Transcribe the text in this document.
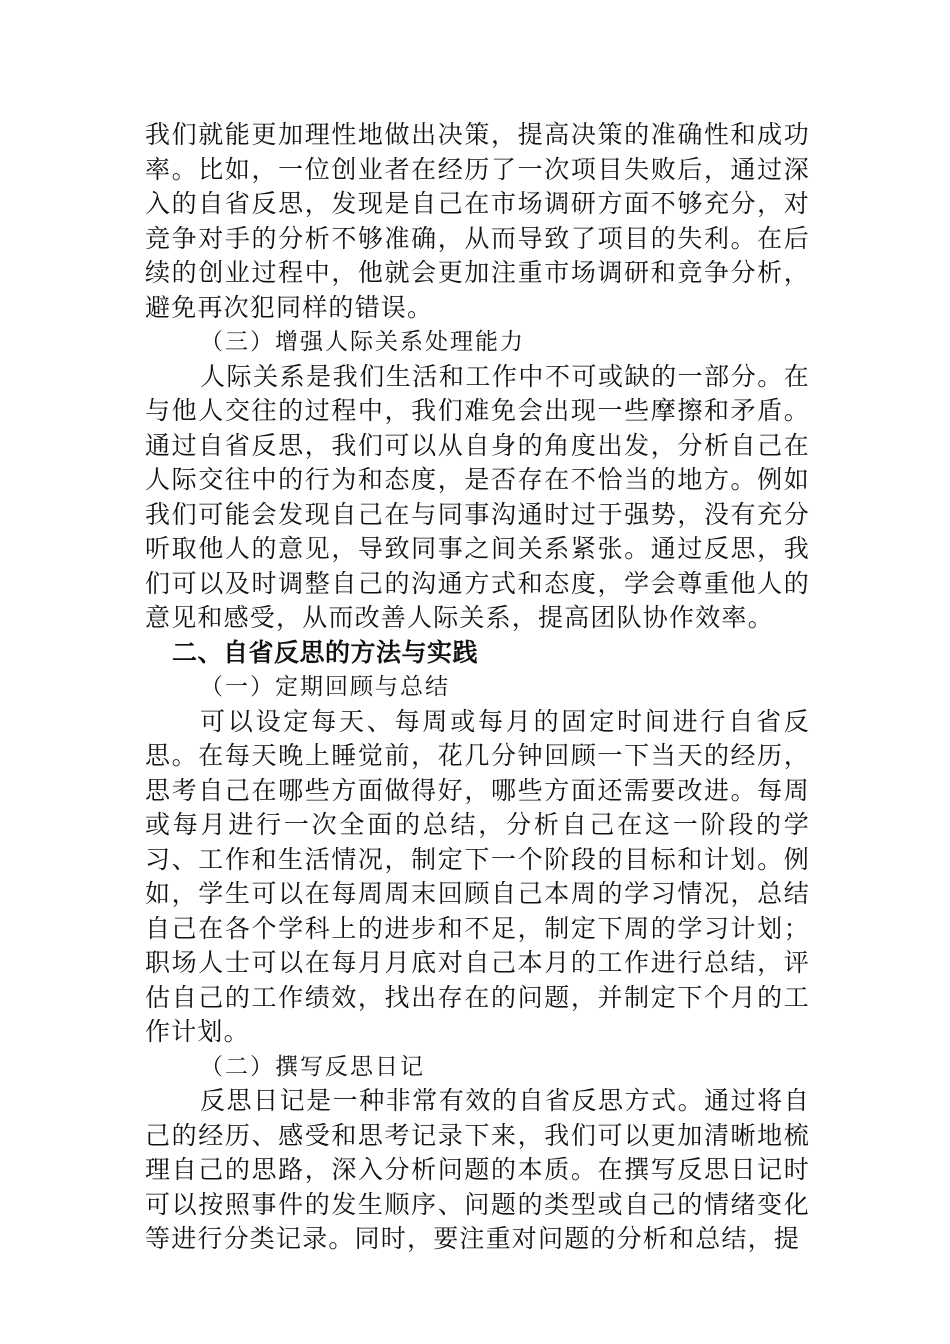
我们就能更加理性地做出决策，提高决策的准确性和成功率。比如，一位创业者在经历了一次项目失败后，通过深入的自省反思，发现是自己在市场调研方面不够充分，对竞争对手的分析不够准确，从而导致了项目的失利。在后续的创业过程中，他就会更加注重市场调研和竞争分析，避免再次犯同样的错误。

（三）增强人际关系处理能力

人际关系是我们生活和工作中不可或缺的一部分。在与他人交往的过程中，我们难免会出现一些摩擦和矛盾。通过自省反思，我们可以从自身的角度出发，分析自己在人际交往中的行为和态度，是否存在不恰当的地方。例如我们可能会发现自己在与同事沟通时过于强势，没有充分听取他人的意见，导致同事之间关系紧张。通过反思，我们可以及时调整自己的沟通方式和态度，学会尊重他人的意见和感受，从而改善人际关系，提高团队协作效率。

二、自省反思的方法与实践

（一）定期回顾与总结

可以设定每天、每周或每月的固定时间进行自省反思。在每天晚上睡觉前，花几分钟回顾一下当天的经历，思考自己在哪些方面做得好，哪些方面还需要改进。每周或每月进行一次全面的总结，分析自己在这一阶段的学习、工作和生活情况，制定下一个阶段的目标和计划。例如，学生可以在每周周末回顾自己本周的学习情况，总结自己在各个学科上的进步和不足，制定下周的学习计划；职场人士可以在每月月底对自己本月的工作进行总结，评估自己的工作绩效，找出存在的问题，并制定下个月的工作计划。

（二）撰写反思日记

反思日记是一种非常有效的自省反思方式。通过将自己的经历、感受和思考记录下来，我们可以更加清晰地梳理自己的思路，深入分析问题的本质。在撰写反思日记时可以按照事件的发生顺序、问题的类型或自己的情绪变化等进行分类记录。同时，要注重对问题的分析和总结，提
